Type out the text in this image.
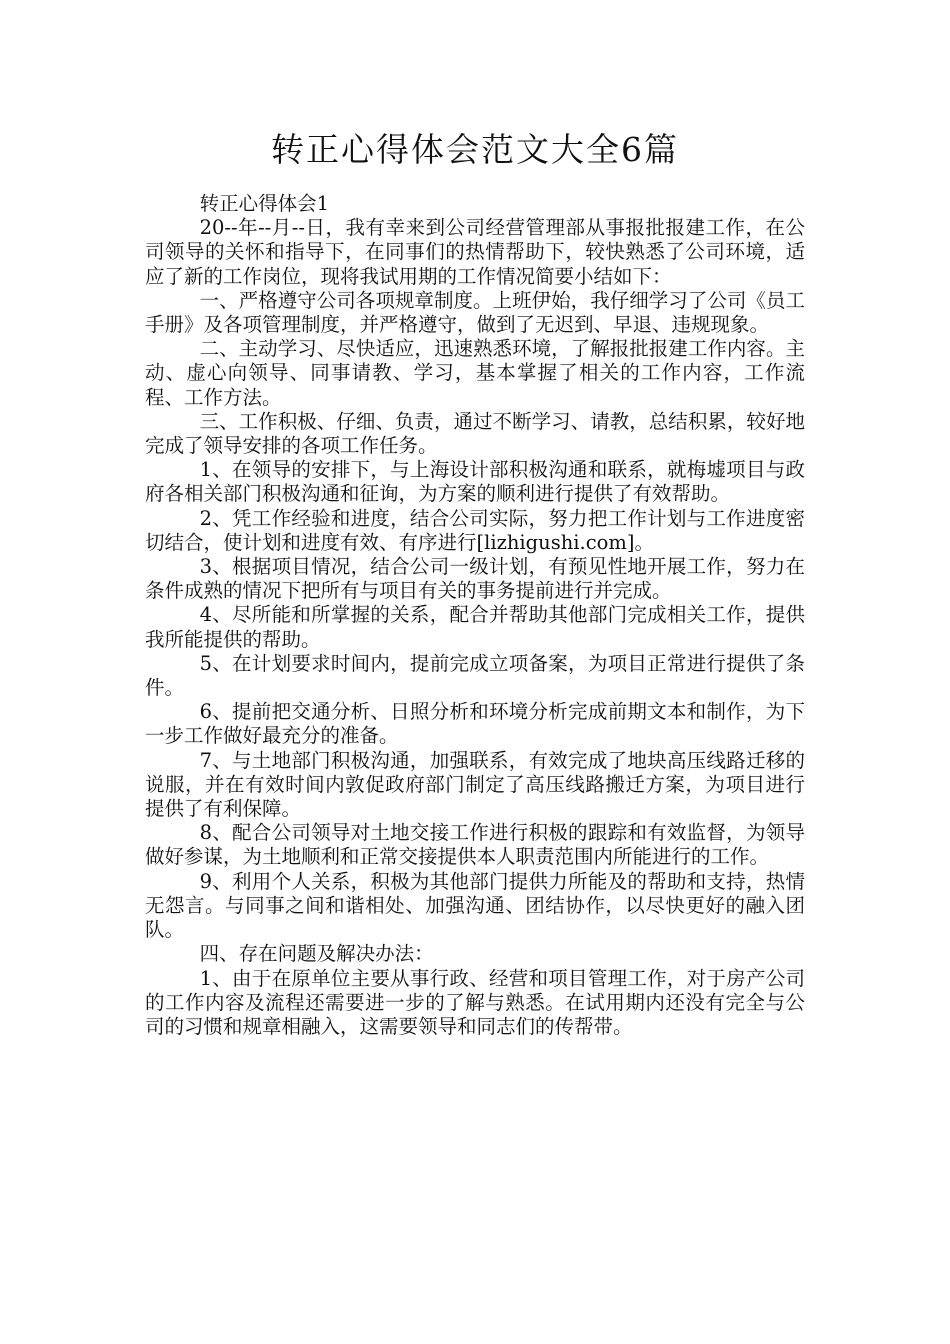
转正心得体会范文大全6篇

转正心得体会1

20--年--月--日，我有幸来到公司经营管理部从事报批报建工作，在公司领导的关怀和指导下，在同事们的热情帮助下，较快熟悉了公司环境，适应了新的工作岗位，现将我试用期的工作情况简要小结如下：

一、严格遵守公司各项规章制度。上班伊始，我仔细学习了公司《员工手册》及各项管理制度，并严格遵守，做到了无迟到、早退、违规现象。

二、主动学习、尽快适应，迅速熟悉环境，了解报批报建工作内容。主动、虚心向领导、同事请教、学习，基本掌握了相关的工作内容，工作流程、工作方法。

三、工作积极、仔细、负责，通过不断学习、请教，总结积累，较好地完成了领导安排的各项工作任务。

1、在领导的安排下，与上海设计部积极沟通和联系，就梅墟项目与政府各相关部门积极沟通和征询，为方案的顺利进行提供了有效帮助。

2、凭工作经验和进度，结合公司实际，努力把工作计划与工作进度密切结合，使计划和进度有效、有序进行[lizhigushi.com]。

3、根据项目情况，结合公司一级计划，有预见性地开展工作，努力在条件成熟的情况下把所有与项目有关的事务提前进行并完成。

4、尽所能和所掌握的关系，配合并帮助其他部门完成相关工作，提供我所能提供的帮助。

5、在计划要求时间内，提前完成立项备案，为项目正常进行提供了条件。

6、提前把交通分析、日照分析和环境分析完成前期文本和制作，为下一步工作做好最充分的准备。

7、与土地部门积极沟通，加强联系，有效完成了地块高压线路迁移的说服，并在有效时间内敦促政府部门制定了高压线路搬迁方案，为项目进行提供了有利保障。

8、配合公司领导对土地交接工作进行积极的跟踪和有效监督，为领导做好参谋，为土地顺利和正常交接提供本人职责范围内所能进行的工作。

9、利用个人关系，积极为其他部门提供力所能及的帮助和支持，热情无怨言。与同事之间和谐相处、加强沟通、团结协作，以尽快更好的融入团队。

四、存在问题及解决办法：

1、由于在原单位主要从事行政、经营和项目管理工作，对于房产公司的工作内容及流程还需要进一步的了解与熟悉。在试用期内还没有完全与公司的习惯和规章相融入，这需要领导和同志们的传帮带。
